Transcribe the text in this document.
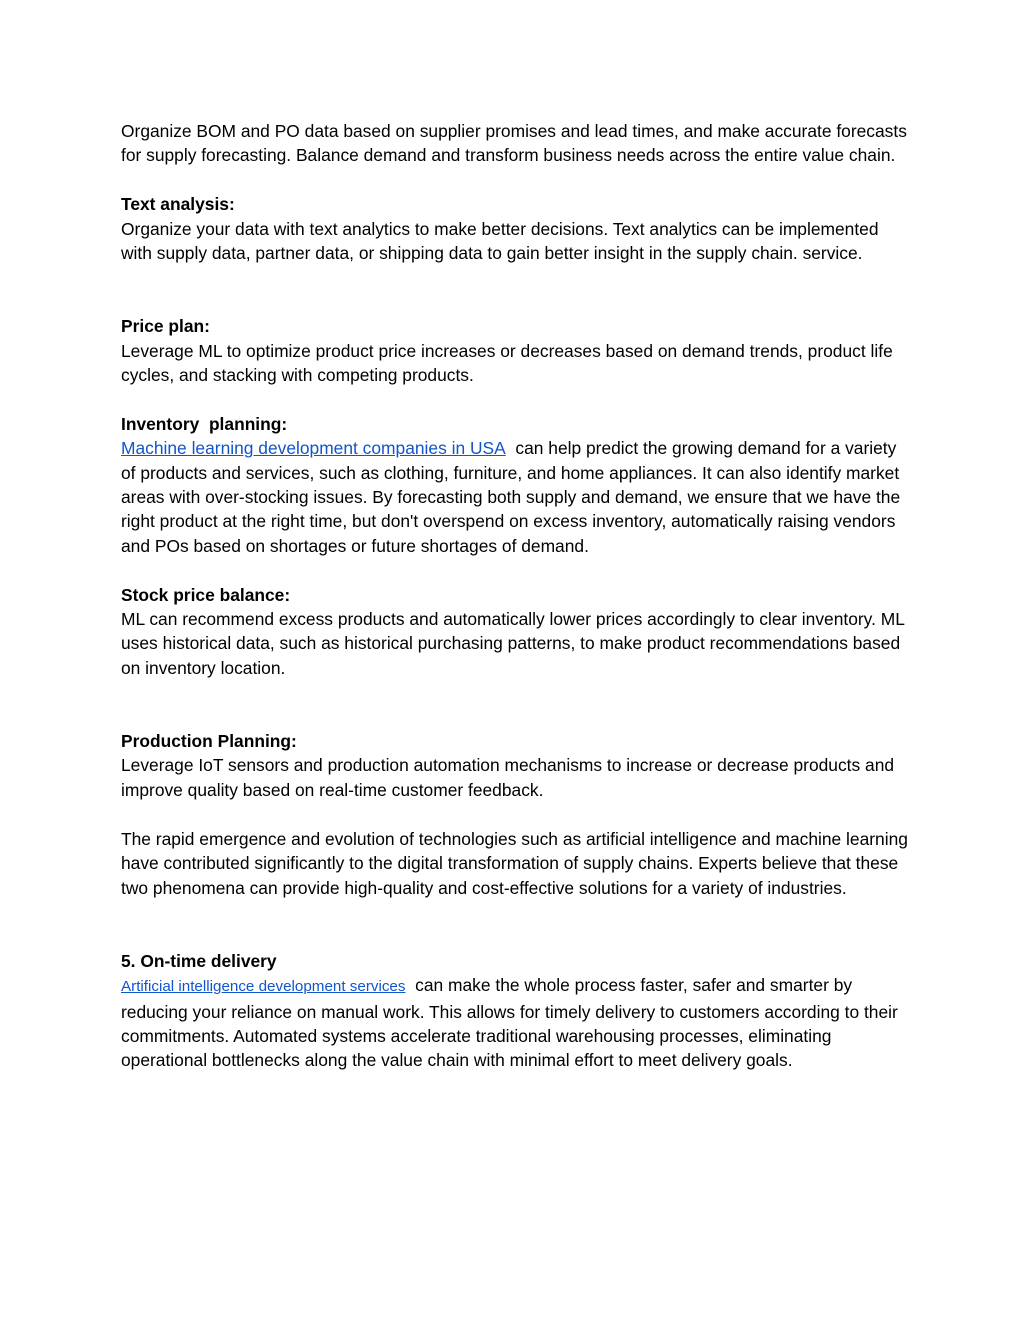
Organize BOM and PO data based on supplier promises and lead times, and make accurate forecasts for supply forecasting. Balance demand and transform business needs across the entire value chain.

Text analysis:

Organize your data with text analytics to make better decisions. Text analytics can be implemented with supply data, partner data, or shipping data to gain better insight in the supply chain. service.

Price plan:

Leverage ML to optimize product price increases or decreases based on demand trends, product life cycles, and stacking with competing products.

Inventory  planning:

Machine learning development companies in USA can help predict the growing demand for a variety of products and services, such as clothing, furniture, and home appliances. It can also identify market areas with over-stocking issues. By forecasting both supply and demand, we ensure that we have the right product at the right time, but don't overspend on excess inventory, automatically raising vendors and POs based on shortages or future shortages of demand.

Stock price balance:

ML can recommend excess products and automatically lower prices accordingly to clear inventory. ML uses historical data, such as historical purchasing patterns, to make product recommendations based on inventory location.

Production Planning:

Leverage IoT sensors and production automation mechanisms to increase or decrease products and improve quality based on real-time customer feedback.

The rapid emergence and evolution of technologies such as artificial intelligence and machine learning have contributed significantly to the digital transformation of supply chains. Experts believe that these two phenomena can provide high-quality and cost-effective solutions for a variety of industries.

5. On-time delivery

Artificial intelligence development services can make the whole process faster, safer and smarter by reducing your reliance on manual work. This allows for timely delivery to customers according to their commitments. Automated systems accelerate traditional warehousing processes, eliminating operational bottlenecks along the value chain with minimal effort to meet delivery goals.
